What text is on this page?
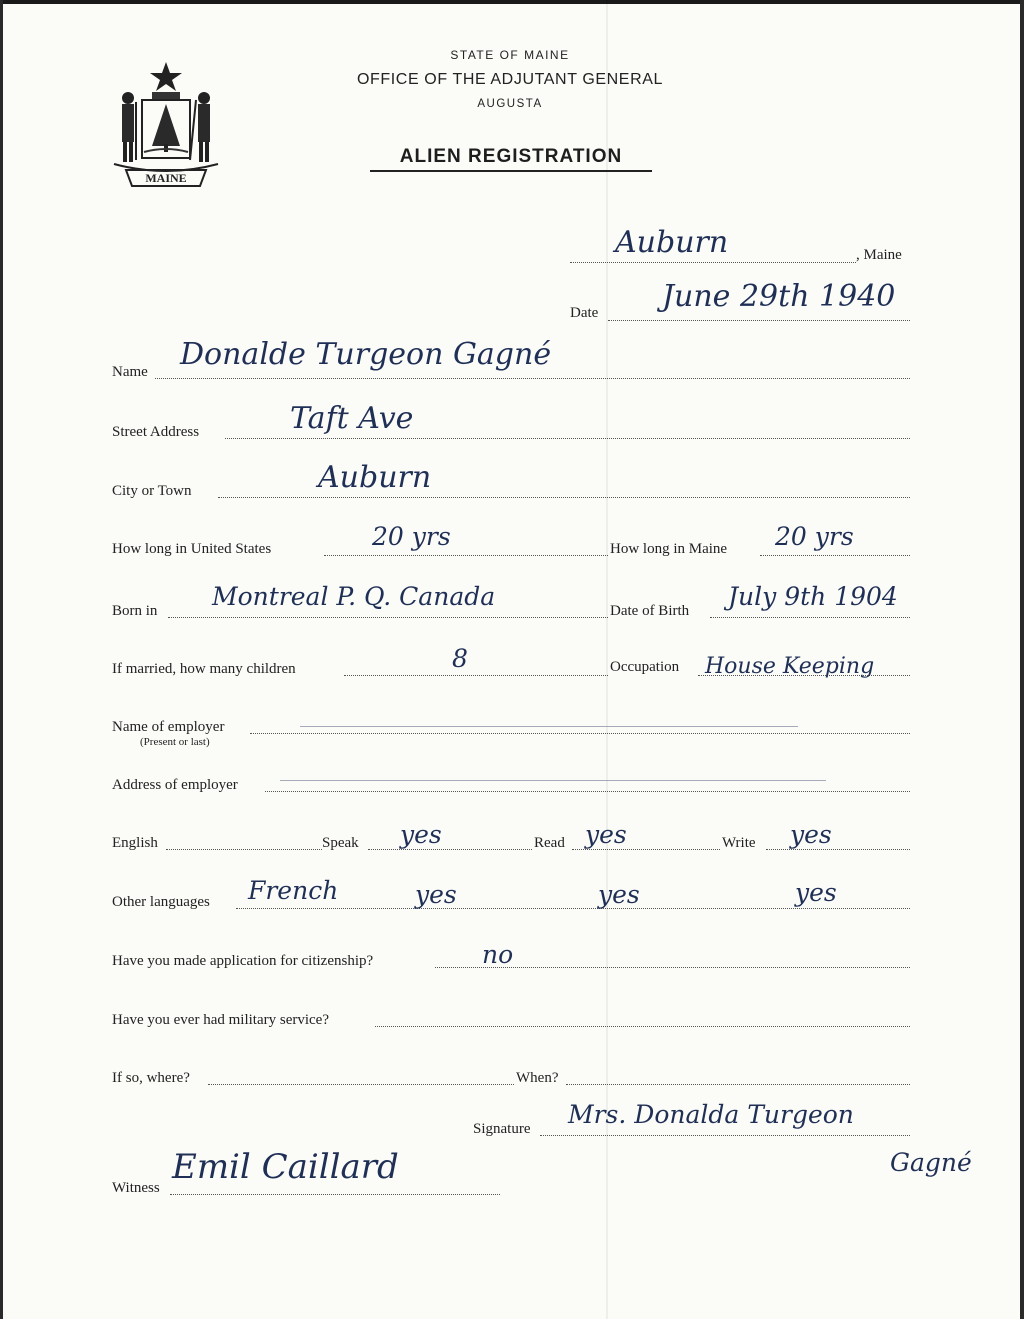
MAINE
STATE OF MAINE
OFFICE OF THE ADJUTANT GENERAL
AUGUSTA
ALIEN REGISTRATION
Auburn	, Maine
Date June 29th 1940
Name Donalde Turgeon Gagné
Street Address	Taft Ave
City or Town	Auburn
How long in United States	20 yrs	How long in Maine 20 yrs
Born in Montreal P. Q. Canada	Date of Birth July 9th 1904
If married, how many children	8	Occupation House Keeping
Name of employer
(Present or last)
Address of employer
English	Speak yes	Read yes	Write yes
Other languages French	yes	yes	yes
Have you made application for citizenship?	no
Have you ever had military service?
If so, where?	When?
Signature Mrs. Donalda Turgeon
Gagné
Witness
Emil Caillard
